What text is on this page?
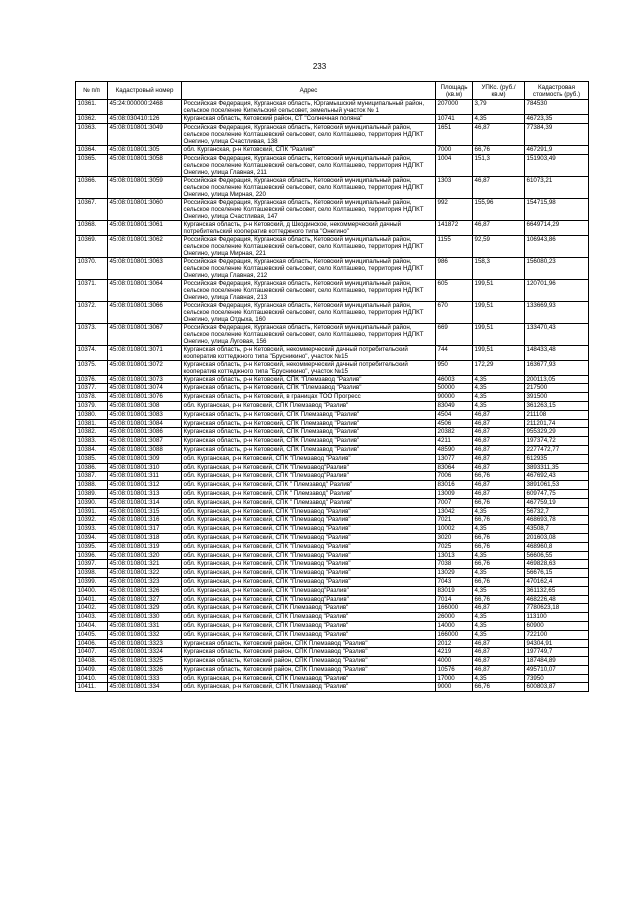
233
№ п/п	Кадастровый номер	Адрес	Площадь (кв.м)	УПКс. (руб./кв.м)	Кадастровая стоимость (руб.)
10361.	45:24:000000:2468	Российская Федерация, Курганская область, Юргамышский муниципальный район, сельское поселение Кипельский сельсовет, земельный участок № 1	207000	3,79	784530
10362.	45:08:030410:126	Курганская область, Кетовский район, СТ "Солнечная поляна"	10741	4,35	46723,35
10363.	45:08:010801:3049	Российская Федерация, Курганская область, Кетовский муниципальный район, сельское поселение Колташевский сельсовет, село Колташево, территория НДПКТ Онегино, улица Счастливая, 138	1651	46,87	77384,39
10364.	45:08:010801:305	обл. Курганская, р-н Кетовский, СПК "Разлив"	7000	66,76	467291,9
10365.	45:08:010801:3058	Российская Федерация, Курганская область, Кетовский муниципальный район, сельское поселение Колташевский сельсовет, село Колташево, территория НДПКТ Онегино, улица Главная, 211	1004	151,3	151903,49
10366.	45:08:010801:3059	Российская Федерация, Курганская область, Кетовский муниципальный район, сельское поселение Колташевский сельсовет, село Колташево, территория НДПКТ Онегино, улица Мирная, 220	1303	46,87	61073,21
10367.	45:08:010801:3060	Российская Федерация, Курганская область, Кетовский муниципальный район, сельское поселение Колташевский сельсовет, село Колташево, территория НДПКТ Онегино, улица Счастливая, 147	992	155,96	154715,98
10368.	45:08:010801:3061	Курганская область, р-н Кетовский, д Шкодинское, некоммерческий дачный потребительский кооператив коттеджного типа "Онегино"	141872	46,87	6649714,29
10369.	45:08:010801:3062	Российская Федерация, Курганская область, Кетовский муниципальный район, сельское поселение Колташевский сельсовет, село Колташево, территория НДПКТ Онегино, улица Мирная, 221	1155	92,59	106943,86
10370.	45:08:010801:3063	Российская Федерация, Курганская область, Кетовский муниципальный район, сельское поселение Колташевский сельсовет, село Колташево, территория НДПКТ Онегино, улица Главная, 212	986	158,3	156080,23
10371.	45:08:010801:3064	Российская Федерация, Курганская область, Кетовский муниципальный район, сельское поселение Колташевский сельсовет, село Колташево, территория НДПКТ Онегино, улица Главная, 213	605	199,51	120701,96
10372.	45:08:010801:3066	Российская Федерация, Курганская область, Кетовский муниципальный район, сельское поселение Колташевский сельсовет, село Колташево, территория НДПКТ Онегино, улица Отдыха, 160	670	199,51	133669,93
10373.	45:08:010801:3067	Российская Федерация, Курганская область, Кетовский муниципальный район, сельское поселение Колташевский сельсовет, село Колташево, территория НДПКТ Онегино, улица Луговая, 156	669	199,51	133470,43
10374.	45:08:010801:3071	Курганская область, р-н Кетовский, некоммерческий дачный потребительский кооператив коттеджного типа "Брусникино", участок №15	744	199,51	148433,48
10375.	45:08:010801:3072	Курганская область, р-н Кетовский, некоммерческий дачный потребительский кооператив коттеджного типа "Брусникино", участок №15	950	172,29	163677,93
10376.	45:08:010801:3073	Курганская область, р-н Кетовский, СПК "Племзавод "Разлив"	46003	4,35	200113,05
10377.	45:08:010801:3074	Курганская область, р-н Кетовский, СПК "Племзавод "Разлив"	50000	4,35	217500
10378.	45:08:010801:3076	Курганская область, р-н Кетовский, в границах ТОО Прогресс	90000	4,35	391500
10379.	45:08:010801:308	обл. Курганская, р-н Кетовский, СПК Племзавод "Разлив"	83049	4,35	361263,15
10380.	45:08:010801:3083	Курганская область, р-н Кетовский, СПК Племзавод "Разлив"	4504	46,87	211108
10381.	45:08:010801:3084	Курганская область, р-н Кетовский, СПК Племзавод "Разлив"	4506	46,87	211201,74
10382.	45:08:010801:3086	Курганская область, р-н Кетовский, СПК Племзавод "Разлив"	20382	46,87	955329,29
10383.	45:08:010801:3087	Курганская область, р-н Кетовский, СПК Племзавод "Разлив"	4211	46,87	197374,72
10384.	45:08:010801:3088	Курганская область, р-н Кетовский, СПК Племзавод "Разлив"	48590	46,87	2277472,77
10385.	45:08:010801:309	обл. Курганская, р-н Кетовский, СПК "Племзавод "Разлив"	13077	46,87	612935
10386.	45:08:010801:310	обл. Курганская, р-н Кетовский, СПК "Племзавод"Разлив"	83064	46,87	3893311,35
10387.	45:08:010801:311	обл. Курганская, р-н Кетовский, СПК "Племзавод"Разлив"	7006	66,76	467692,43
10388.	45:08:010801:312	обл. Курганская, р-н Кетовский, СПК " Племзавод" Разлив"	83016	46,87	3891061,53
10389.	45:08:010801:313	обл. Курганская, р-н Кетовский, СПК " Племзавод" Разлив"	13009	46,87	609747,75
10390.	45:08:010801:314	обл. Курганская, р-н Кетовский, СПК " Племзавод" Разлив"	7007	66,76	467759,19
10391.	45:08:010801:315	обл. Курганская, р-н Кетовский, СПК "Племзавод "Разлив"	13042	4,35	56732,7
10392.	45:08:010801:316	обл. Курганская, р-н Кетовский, СПК "Племзавод "Разлив"	7021	66,76	468693,78
10393.	45:08:010801:317	обл. Курганская, р-н Кетовский, СПК "Племзавод "Разлив"	10002	4,35	43508,7
10394.	45:08:010801:318	обл. Курганская, р-н Кетовский, СПК "Племзавод "Разлив"	3020	66,76	201603,08
10395.	45:08:010801:319	обл. Курганская, р-н Кетовский, СПК "Племзавод "Разлив"	7025	66,76	468960,8
10396.	45:08:010801:320	обл. Курганская, р-н Кетовский, СПК "Племзавод "Разлив"	13013	4,35	56606,55
10397.	45:08:010801:321	обл. Курганская, р-н Кетовский, СПК "Племзавод "Разлив"	7038	66,76	469828,63
10398.	45:08:010801:322	обл. Курганская, р-н Кетовский, СПК "Племзавод "Разлив"	13029	4,35	56676,15
10399.	45:08:010801:323	обл. Курганская, р-н Кетовский, СПК "Племзавод "Разлив"	7043	66,76	470162,4
10400.	45:08:010801:326	обл. Курганская, р-н Кетовский, СПК "Племзавод"Разлив"	83019	4,35	361132,65
10401.	45:08:010801:327	обл. Курганская, р-н Кетовский, СПК "Племзавод"Разлив"	7014	66,76	468226,48
10402.	45:08:010801:329	обл. Курганская, р-н Кетовский, СПК Племзавод "Разлив"	166000	46,87	7780623,18
10403.	45:08:010801:330	обл. Курганская, р-н Кетовский, СПК Племзавод "Разлив"	26000	4,35	113100
10404.	45:08:010801:331	обл. Курганская, р-н Кетовский, СПК Племзавод "Разлив"	14000	4,35	60900
10405.	45:08:010801:332	обл. Курганская, р-н Кетовский, СПК Племзавод "Разлив"	166000	4,35	722100
10406.	45:08:010801:3323	Курганская область, Кетовский район, СПК Племзавод "Разлив"	2012	46,87	94304,91
10407.	45:08:010801:3324	Курганская область, Кетовский район, СПК Племзавод "Разлив"	4219	46,87	197749,7
10408.	45:08:010801:3325	Курганская область, Кетовский район, СПК Племзавод "Разлив"	4000	46,87	187484,89
10409.	45:08:010801:3326	Курганская область, Кетовский район, СПК Племзавод "Разлив"	10576	46,87	495710,07
10410.	45:08:010801:333	обл. Курганская, р-н Кетовский, СПК Племзавод "Разлив"	17000	4,35	73950
10411.	45:08:010801:334	обл. Курганская, р-н Кетовский, СПК Племзавод "Разлив"	9000	66,76	600803,87
